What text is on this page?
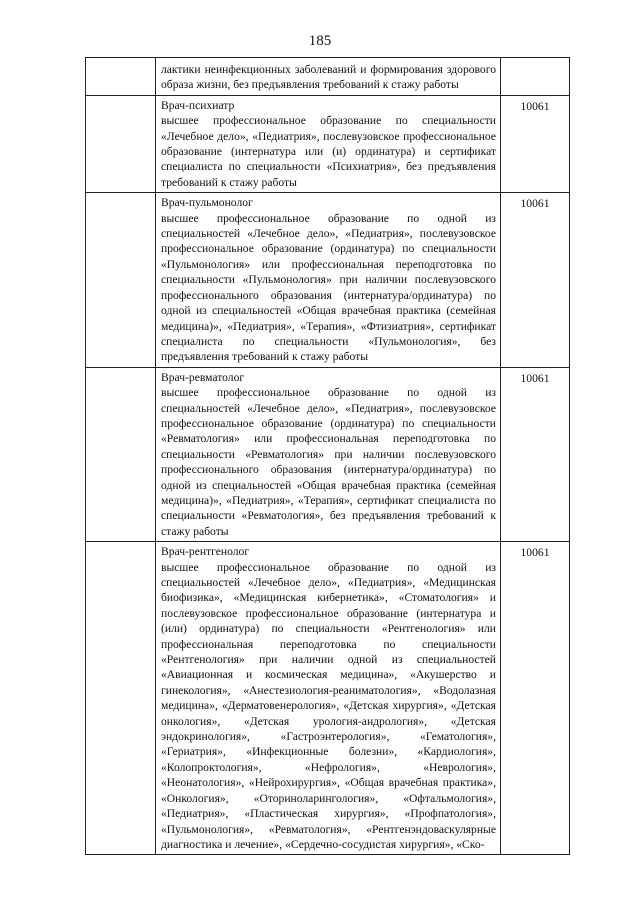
185

	лактики неинфекционных заболеваний и формирования здорового образа жизни, без предъявления требований к стажу работы	

	Врач-психиатр
высшее профессиональное образование по специальности «Лечебное дело», «Педиатрия», послевузовское профессиональное образование (интернатура или (и) ординатура) и сертификат специалиста по специальности «Психиатрия», без предъявления требований к стажу работы	10061

	Врач-пульмонолог
высшее профессиональное образование по одной из специальностей «Лечебное дело», «Педиатрия», послевузовское профессиональное образование (ординатура) по специальности «Пульмонология» или профессиональная переподготовка по специальности «Пульмонология» при наличии послевузовского профессионального образования (интернатура/ординатура) по одной из специальностей «Общая врачебная практика (семейная медицина)», «Педиатрия», «Терапия», «Фтизиатрия», сертификат специалиста по специальности «Пульмонология», без предъявления требований к стажу работы	10061

	Врач-ревматолог
высшее профессиональное образование по одной из специальностей «Лечебное дело», «Педиатрия», послевузовское профессиональное образование (ординатура) по специальности «Ревматология» или профессиональная переподготовка по специальности «Ревматология» при наличии послевузовского профессионального образования (интернатура/ординатура) по одной из специальностей «Общая врачебная практика (семейная медицина)», «Педиатрия», «Терапия», сертификат специалиста по специальности «Ревматология», без предъявления требований к стажу работы	10061

	Врач-рентгенолог
высшее профессиональное образование по одной из специальностей «Лечебное дело», «Педиатрия», «Медицинская биофизика», «Медицинская кибернетика», «Стоматология» и послевузовское профессиональное образование (интернатура и (или) ординатура) по специальности «Рентгенология» или профессиональная переподготовка по специальности «Рентгенология» при наличии одной из специальностей «Авиационная и космическая медицина», «Акушерство и гинекология», «Анестезиология-реаниматология», «Водолазная медицина», «Дерматовенерология», «Детская хирургия», «Детская онкология», «Детская урология-андрология», «Детская эндокринология», «Гастроэнтерология», «Гематология», «Гериатрия», «Инфекционные болезни», «Кардиология», «Колопроктология», «Нефрология», «Неврология», «Неонатология», «Нейрохирургия», «Общая врачебная практика», «Онкология», «Оториноларингология», «Офтальмология», «Педиатрия», «Пластическая хирургия», «Профпатология», «Пульмонология», «Ревматология», «Рентгенэндоваскулярные диагностика и лечение», «Сердечно-сосудистая хирургия», «Ско-	10061
